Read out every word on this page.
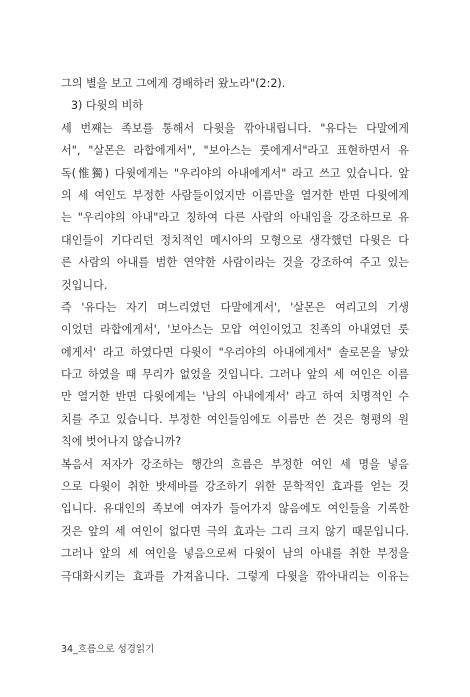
그의 별을 보고 그에게 경배하러 왔노라"(2:2).
3) 다윗의 비하
세 번째는 족보를 통해서 다윗을 깎아내립니다. "유다는 다말에게
서", "살몬은 라합에게서", "보아스는 룻에게서"라고 표현하면서 유
독(惟獨) 다윗에게는 "우리야의 아내에게서" 라고 쓰고 있습니다. 앞
의 세 여인도 부정한 사람들이었지만 이름만을 열거한 반면 다윗에게
는 "우리야의 아내"라고 칭하여 다른 사람의 아내임을 강조하므로 유
대인들이 기다리던 정치적인 메시아의 모형으로 생각했던 다윗은 다
른 사람의 아내를 범한 연약한 사람이라는 것을 강조하여 주고 있는
것입니다.
즉 '유다는 자기 며느리였던 다말에게서', '살몬은 여리고의 기생
이었던 라합에게서', '보아스는 모압 여인이었고 친족의 아내였던 룻
에게서' 라고 하였다면 다윗이 "우리야의 아내에게서" 솔로몬을 낳았
다고 하였을 때 무리가 없었을 것입니다. 그러나 앞의 세 여인은 이름
만 열거한 반면 다윗에게는 '남의 아내에게서' 라고 하여 치명적인 수
치를 주고 있습니다. 부정한 여인들임에도 이름만 쓴 것은 형평의 원
칙에 벗어나지 않습니까?
복음서 저자가 강조하는 행간의 흐름은 부정한 여인 세 명을 넣음
으로 다윗이 취한 밧세바를 강조하기 위한 문학적인 효과를 얻는 것
입니다. 유대인의 족보에 여자가 들어가지 않음에도 여인들을 기록한
것은 앞의 세 여인이 없다면 극의 효과는 그리 크지 않기 때문입니다.
그러나 앞의 세 여인을 넣음으로써 다윗이 남의 아내를 취한 부정을
극대화시키는 효과를 가져옵니다. 그렇게 다윗을 깎아내리는 이유는
34_흐름으로 성경읽기
